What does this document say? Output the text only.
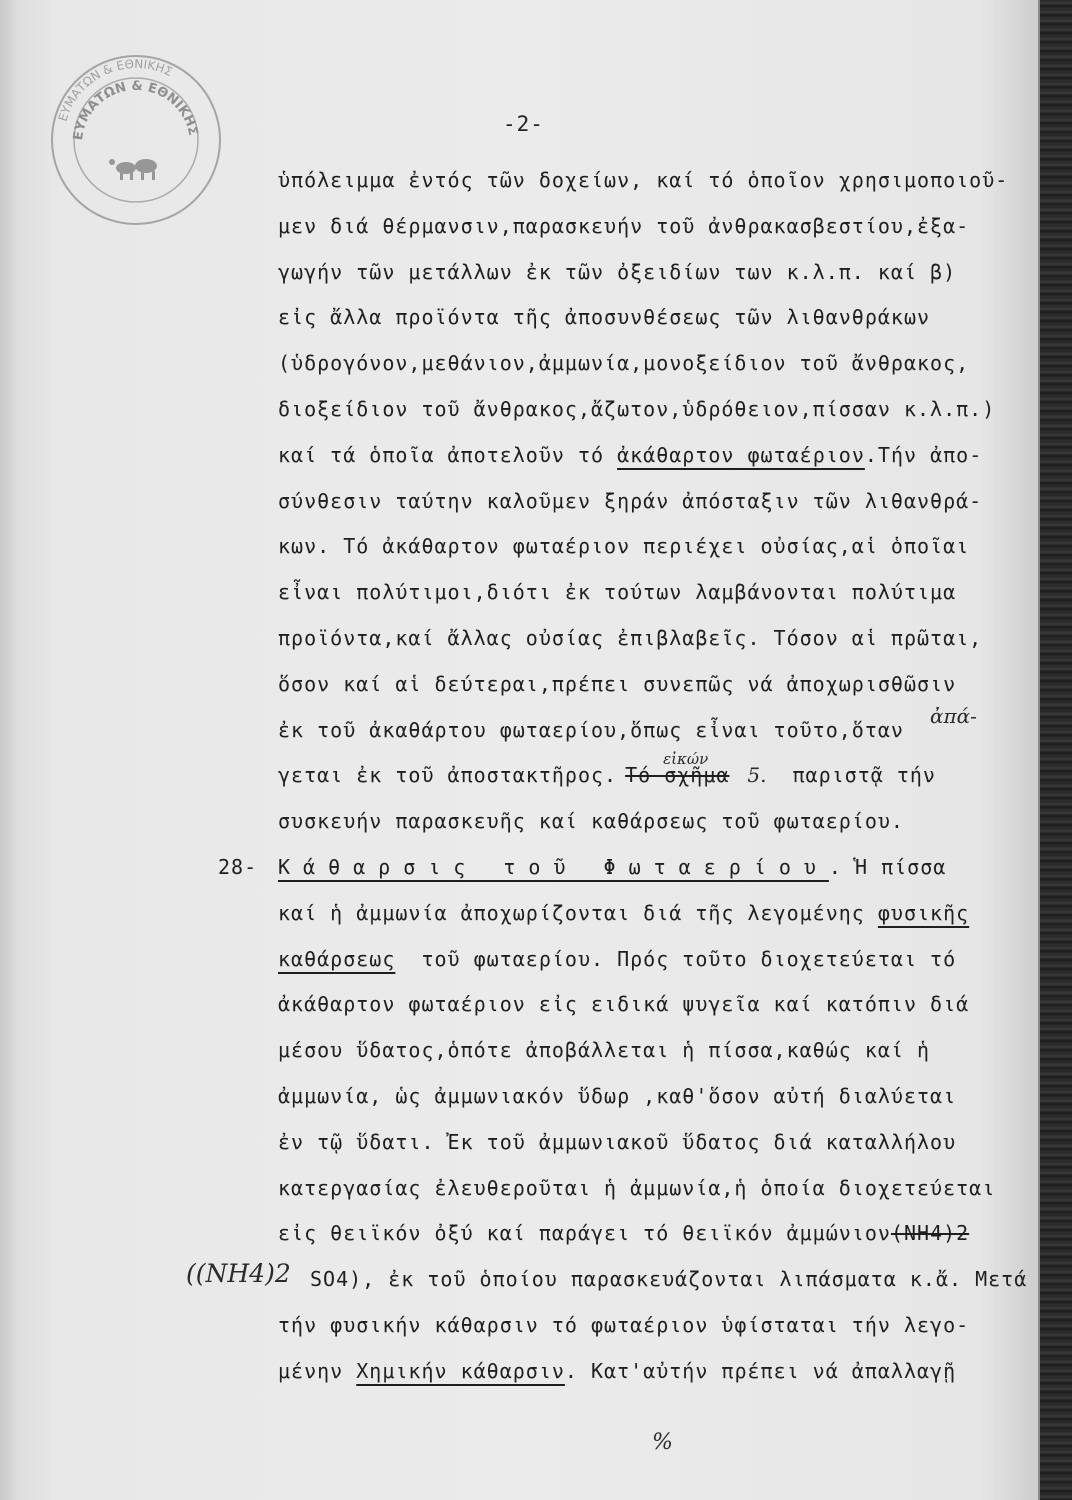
ΕΥΜΑΤΩΝ & ΕΘΝΙΚΗΣ
ΕΥΜΑΤΩΝ & ΕΘΝΙΚΗΣ	-2-
ὑπόλειμμα ἐντός τῶν δοχείων, καί τό ὁποῖον χρησιμοποιοῦ-
μεν διά θέρμανσιν,παρασκευήν τοῦ ἀνθρακασβεστίου,ἐξα-
γωγήν τῶν μετάλλων ἐκ τῶν ὀξειδίων των κ.λ.π. καί β)
εἰς ἄλλα προϊόντα τῆς ἀποσυνθέσεως τῶν λιθανθράκων
(ὑδρογόνον,μεθάνιον,ἀμμωνία,μονοξείδιον τοῦ ἄνθρακος,
διοξείδιον τοῦ ἄνθρακος,ἄζωτον,ὑδρόθειον,πίσσαν κ.λ.π.)
καί τά ὁποῖα ἀποτελοῦν τό ἀκάθαρτον φωταέριον.Τήν ἀπο-
σύνθεσιν ταύτην καλοῦμεν ξηράν ἀπόσταξιν τῶν λιθανθρά-
κων. Τό ἀκάθαρτον φωταέριον περιέχει οὐσίας,αἱ ὁποῖαι
εἶναι πολύτιμοι,διότι ἐκ τούτων λαμβάνονται πολύτιμα
προϊόντα,καί ἄλλας οὐσίας ἐπιβλαβεῖς. Τόσον αἱ πρῶται,
ὅσον καί αἱ δεύτεραι,πρέπει συνεπῶς νά ἀποχωρισθῶσιν
ἐκ τοῦ ἀκαθάρτου φωταερίου,ὅπως εἶναι τοῦτο,ὅταν
ἀπά-
γεται ἐκ τοῦ ἀποστακτῆρος. Τό σχῆμα
εἰκών
5. παριστᾷ τήν
συσκευήν παρασκευῆς καί καθάρσεως τοῦ φωταερίου.
28- Κάθαρσις τοῦ Φωταερίου. Ἡ πίσσα
καί ἡ ἀμμωνία ἀποχωρίζονται διά τῆς λεγομένης φυσικῆς
καθάρσεως  τοῦ φωταερίου. Πρός τοῦτο διοχετεύεται τό
ἀκάθαρτον φωταέριον εἰς ειδικά ψυγεῖα καί κατόπιν διά
μέσου ὕδατος,ὁπότε ἀποβάλλεται ἡ πίσσα,καθώς καί ἡ
ἀμμωνία, ὡς ἀμμωνιακόν ὕδωρ ,καθ'ὅσον αὐτή διαλύεται
ἐν τῷ ὕδατι. Ἐκ τοῦ ἀμμωνιακοῦ ὕδατος διά καταλλήλου
κατεργασίας ἐλευθεροῦται ἡ ἀμμωνία,ἡ ὁποία διοχετεύεται
εἰς θειϊκόν ὀξύ καί παράγει τό θειϊκόν ἀμμώνιον(NH4)2
((NH4)2 SO4), ἐκ τοῦ ὁποίου παρασκευάζονται λιπάσματα κ.ἄ. Μετά
τήν φυσικήν κάθαρσιν τό φωταέριον ὑφίσταται τήν λεγο-
μένην Χημικήν κάθαρσιν. Κατ'αὐτήν πρέπει νά ἀπαλλαγῇ
%
